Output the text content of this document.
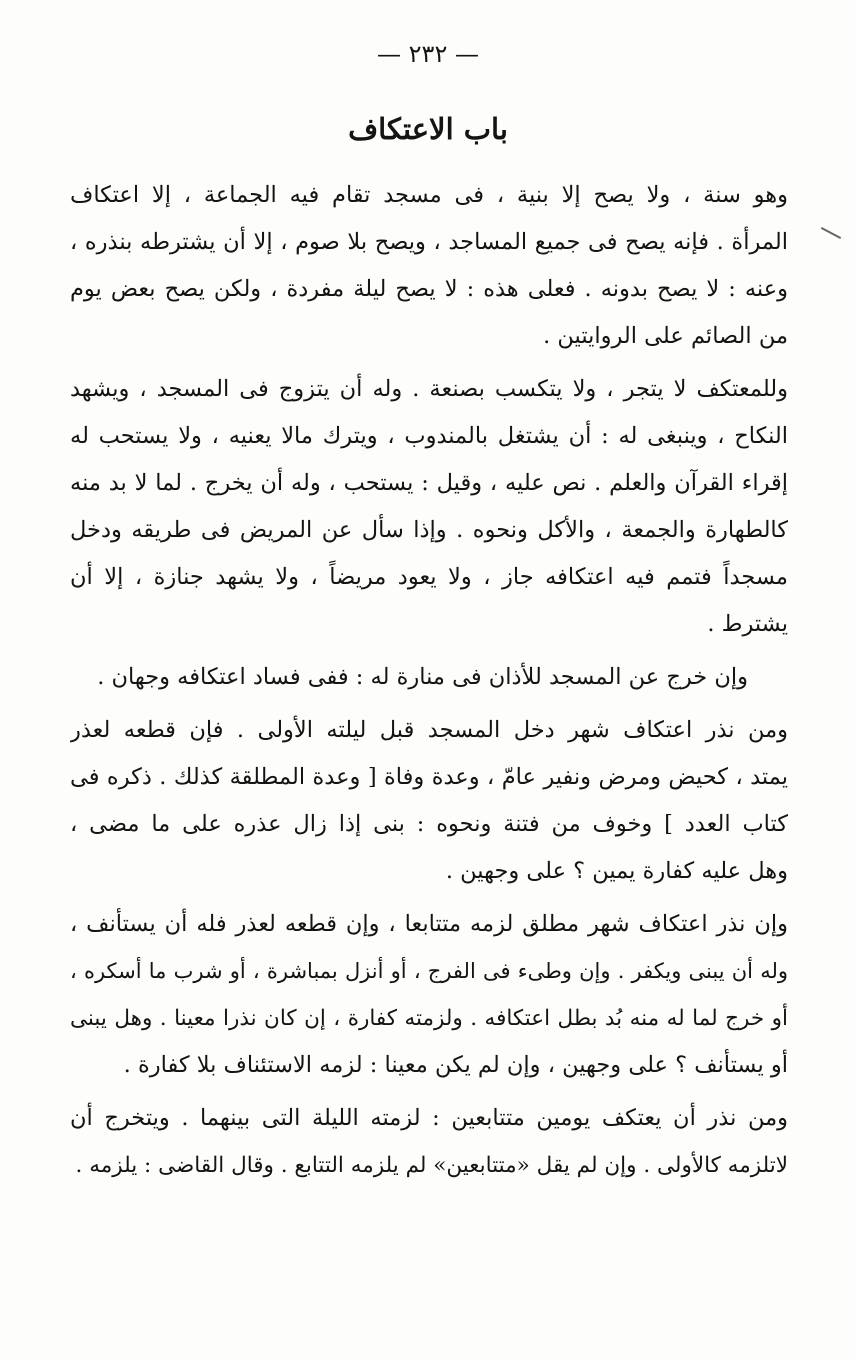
— ٢٣٢ —
باب الاعتكاف
وهو سنة ، ولا يصح إلا بنية ، فى مسجد تقام فيه الجماعة ، إلا اعتكاف
المرأة . فإنه يصح فى جميع المساجد ، ويصح بلا صوم ، إلا أن يشترطه بنذره ،
وعنه : لا يصح بدونه . فعلى هذه : لا يصح ليلة مفردة ، ولكن يصح بعض يوم
من الصائم على الروايتين .
وللمعتكف لا يتجر ، ولا يتكسب بصنعة . وله أن يتزوج فى المسجد ، ويشهد
النكاح ، وينبغى له : أن يشتغل بالمندوب ، ويترك مالا يعنيه ، ولا يستحب له
إقراء القرآن والعلم . نص عليه ، وقيل : يستحب ، وله أن يخرج . لما لا بد منه
كالطهارة والجمعة ، والأكل ونحوه . وإذا سأل عن المريض فى طريقه ودخل
مسجداً فتمم فيه اعتكافه جاز ، ولا يعود مريضاً ، ولا يشهد جنازة ، إلا أن
يشترط .
وإن خرج عن المسجد للأذان فى منارة له : ففى فساد اعتكافه وجهان .
ومن نذر اعتكاف شهر دخل المسجد قبل ليلته الأولى . فإن قطعه لعذر
يمتد ، كحيض ومرض ونفير عامّ ، وعدة وفاة [ وعدة المطلقة كذلك . ذكره فى
كتاب العدد ] وخوف من فتنة ونحوه : بنى إذا زال عذره على ما مضى ،
وهل عليه كفارة يمين ؟ على وجهين .
وإن نذر اعتكاف شهر مطلق لزمه متتابعا ، وإن قطعه لعذر فله أن يستأنف ،
وله أن يبنى ويكفر . وإن وطىء فى الفرج ، أو أنزل بمباشرة ، أو شرب ما أسكره ،
أو خرج لما له منه بُد بطل اعتكافه . ولزمته كفارة ، إن كان نذرا معينا . وهل يبنى
أو يستأنف ؟ على وجهين ، وإن لم يكن معينا : لزمه الاستئناف بلا كفارة .
ومن نذر أن يعتكف يومين متتابعين : لزمته الليلة التى بينهما . ويتخرج أن
لاتلزمه كالأولى . وإن لم يقل «متتابعين» لم يلزمه التتابع . وقال القاضى : يلزمه .
